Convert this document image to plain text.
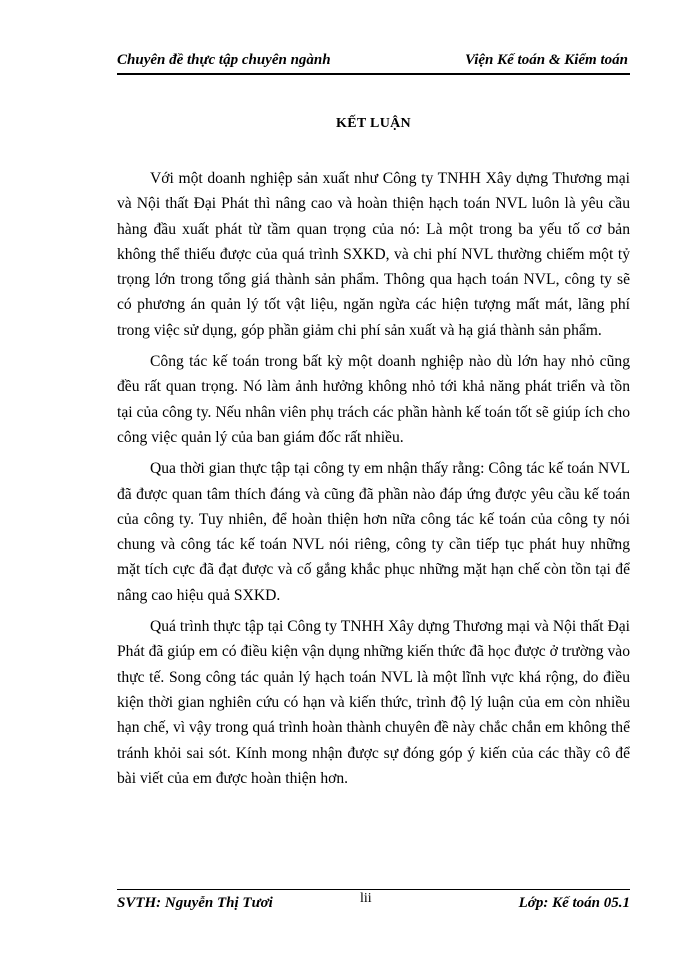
Chuyên đề thực tập chuyên ngành	Viện Kế toán & Kiểm toán
KẾT LUẬN

Với một doanh nghiệp sản xuất như Công ty TNHH Xây dựng Thương mại và Nội thất Đại Phát thì nâng cao và hoàn thiện hạch toán NVL luôn là yêu cầu hàng đầu xuất phát từ tầm quan trọng của nó: Là một trong ba yếu tố cơ bản không thể thiếu được của quá trình SXKD, và chi phí NVL thường chiếm một tỷ trọng lớn trong tổng giá thành sản phẩm. Thông qua hạch toán NVL, công ty sẽ có phương án quản lý tốt vật liệu, ngăn ngừa các hiện tượng mất mát, lãng phí trong việc sử dụng, góp phần giảm chi phí sản xuất và hạ giá thành sản phẩm.

Công tác kế toán trong bất kỳ một doanh nghiệp nào dù lớn hay nhỏ cũng đều rất quan trọng. Nó làm ảnh hưởng không nhỏ tới khả năng phát triển và tồn tại của công ty. Nếu nhân viên phụ trách các phần hành kế toán tốt sẽ giúp ích cho công việc quản lý của ban giám đốc rất nhiều.

Qua thời gian thực tập tại công ty em nhận thấy rằng: Công tác kế toán NVL đã được quan tâm thích đáng và cũng đã phần nào đáp ứng được yêu cầu kế toán của công ty. Tuy nhiên, để hoàn thiện hơn nữa công tác kế toán của công ty nói chung và công tác kế toán NVL nói riêng, công ty cần tiếp tục phát huy những mặt tích cực đã đạt được và cố gắng khắc phục những mặt hạn chế còn tồn tại để nâng cao hiệu quả SXKD.

Quá trình thực tập tại Công ty TNHH Xây dựng Thương mại và Nội thất Đại Phát đã giúp em có điều kiện vận dụng những kiến thức đã học được ở trường vào thực tế. Song công tác quản lý hạch toán NVL là một lĩnh vực khá rộng, do điều kiện thời gian nghiên cứu có hạn và kiến thức, trình độ lý luận của em còn nhiều hạn chế, vì vậy trong quá trình hoàn thành chuyên đề này chắc chắn em không thể tránh khỏi sai sót. Kính mong nhận được sự đóng góp ý kiến của các thầy cô để bài viết của em được hoàn thiện hơn.

SVTH: Nguyễn Thị Tươi	lii	Lớp: Kế toán 05.1
